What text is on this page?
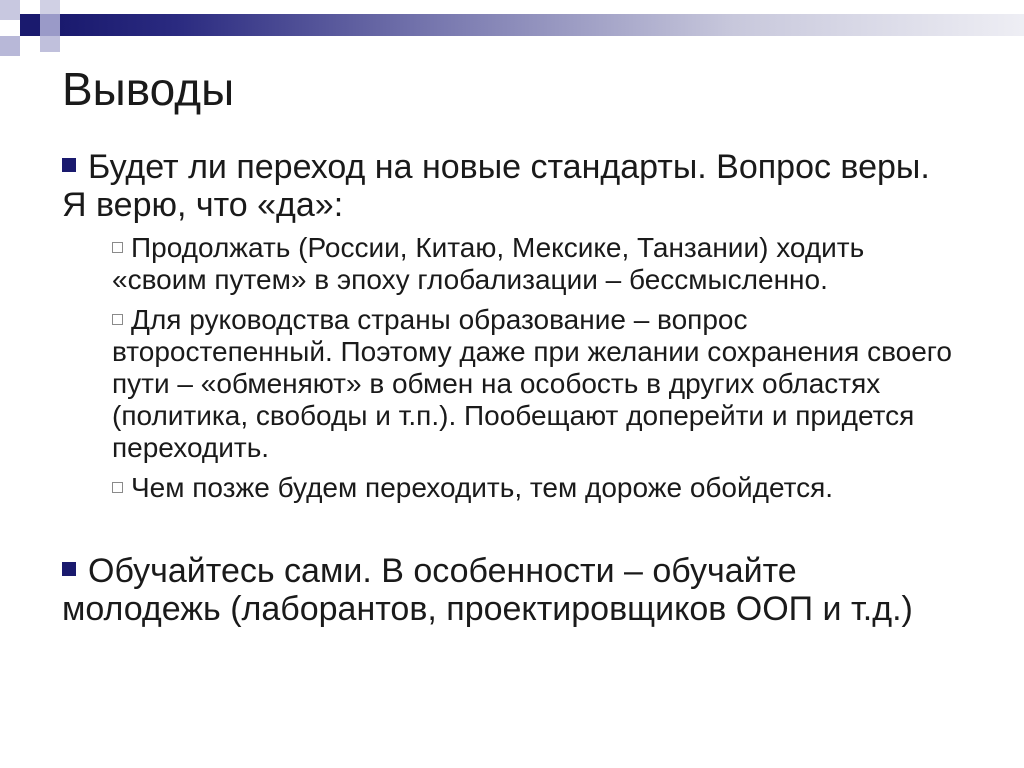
Выводы

Будет ли переход на новые стандарты. Вопрос веры. Я верю, что «да»:

Продолжать (России, Китаю, Мексике, Танзании) ходить «своим путем» в эпоху глобализации – бессмысленно.

Для руководства страны образование – вопрос второстепенный. Поэтому даже при желании сохранения своего пути – «обменяют» в обмен на особость в других областях (политика, свободы и т.п.). Пообещают доперейти и придется переходить.

Чем позже будем переходить, тем дороже обойдется.

Обучайтесь сами. В особенности – обучайте молодежь (лаборантов, проектировщиков ООП и т.д.)
